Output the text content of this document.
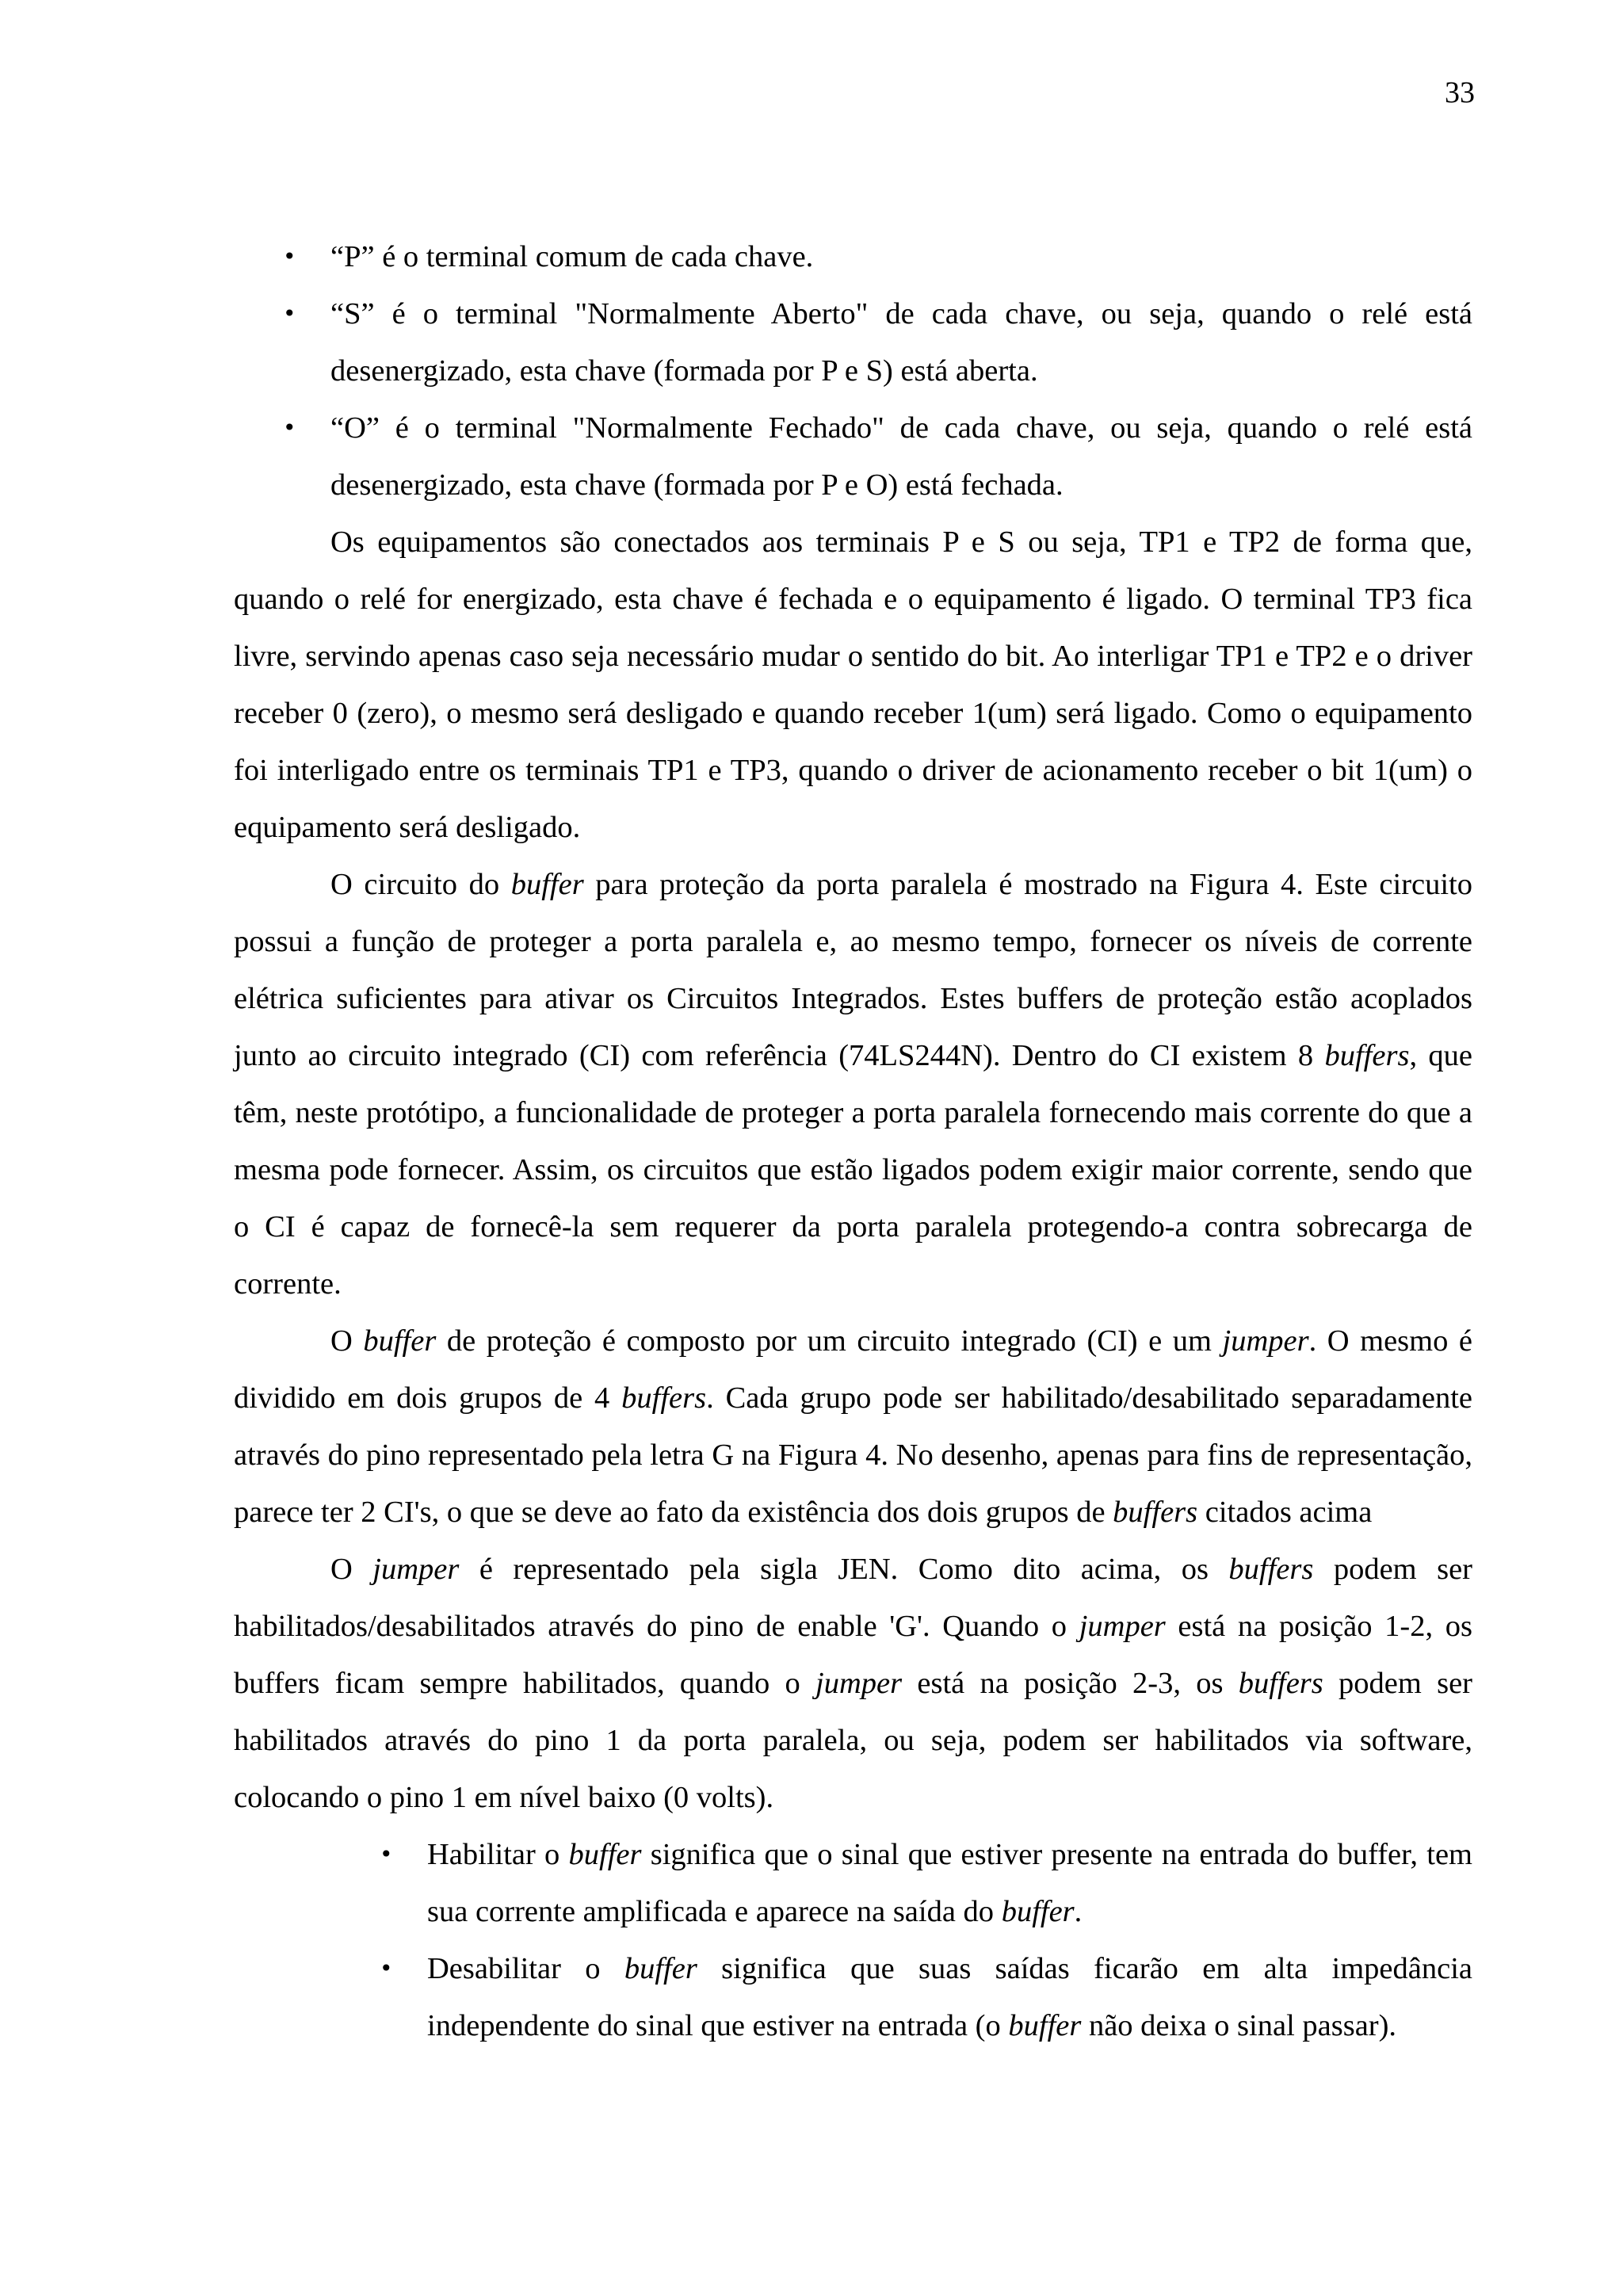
33
• “P” é o terminal comum de cada chave.
• “S” é o terminal "Normalmente Aberto" de cada chave, ou seja, quando o relé está desenergizado, esta chave (formada por P e S) está aberta.
• “O” é o terminal "Normalmente Fechado" de cada chave, ou seja, quando o relé está desenergizado, esta chave (formada por P e O) está fechada.

Os equipamentos são conectados aos terminais P e S ou seja, TP1 e TP2 de forma que, quando o relé for energizado, esta chave é fechada e o equipamento é ligado. O terminal TP3 fica livre, servindo apenas caso seja necessário mudar o sentido do bit. Ao interligar TP1 e TP2 e o driver receber 0 (zero), o mesmo será desligado e quando receber 1(um) será ligado. Como o equipamento foi interligado entre os terminais TP1 e TP3, quando o driver de acionamento receber o bit 1(um) o equipamento será desligado.

O circuito do buffer para proteção da porta paralela é mostrado na Figura 4. Este circuito possui a função de proteger a porta paralela e, ao mesmo tempo, fornecer os níveis de corrente elétrica suficientes para ativar os Circuitos Integrados. Estes buffers de proteção estão acoplados junto ao circuito integrado (CI) com referência (74LS244N). Dentro do CI existem 8 buffers, que têm, neste protótipo, a funcionalidade de proteger a porta paralela fornecendo mais corrente do que a mesma pode fornecer. Assim, os circuitos que estão ligados podem exigir maior corrente, sendo que o CI é capaz de fornecê-la sem requerer da porta paralela protegendo-a contra sobrecarga de corrente.

O buffer de proteção é composto por um circuito integrado (CI) e um jumper. O mesmo é dividido em dois grupos de 4 buffers. Cada grupo pode ser habilitado/desabilitado separadamente através do pino representado pela letra G na Figura 4. No desenho, apenas para fins de representação, parece ter 2 CI's, o que se deve ao fato da existência dos dois grupos de buffers citados acima

O jumper é representado pela sigla JEN. Como dito acima, os buffers podem ser habilitados/desabilitados através do pino de enable 'G'. Quando o jumper está na posição 1-2, os buffers ficam sempre habilitados, quando o jumper está na posição 2-3, os buffers podem ser habilitados através do pino 1 da porta paralela, ou seja, podem ser habilitados via software, colocando o pino 1 em nível baixo (0 volts).

• Habilitar o buffer significa que o sinal que estiver presente na entrada do buffer, tem sua corrente amplificada e aparece na saída do buffer.
• Desabilitar o buffer significa que suas saídas ficarão em alta impedância independente do sinal que estiver na entrada (o buffer não deixa o sinal passar).
